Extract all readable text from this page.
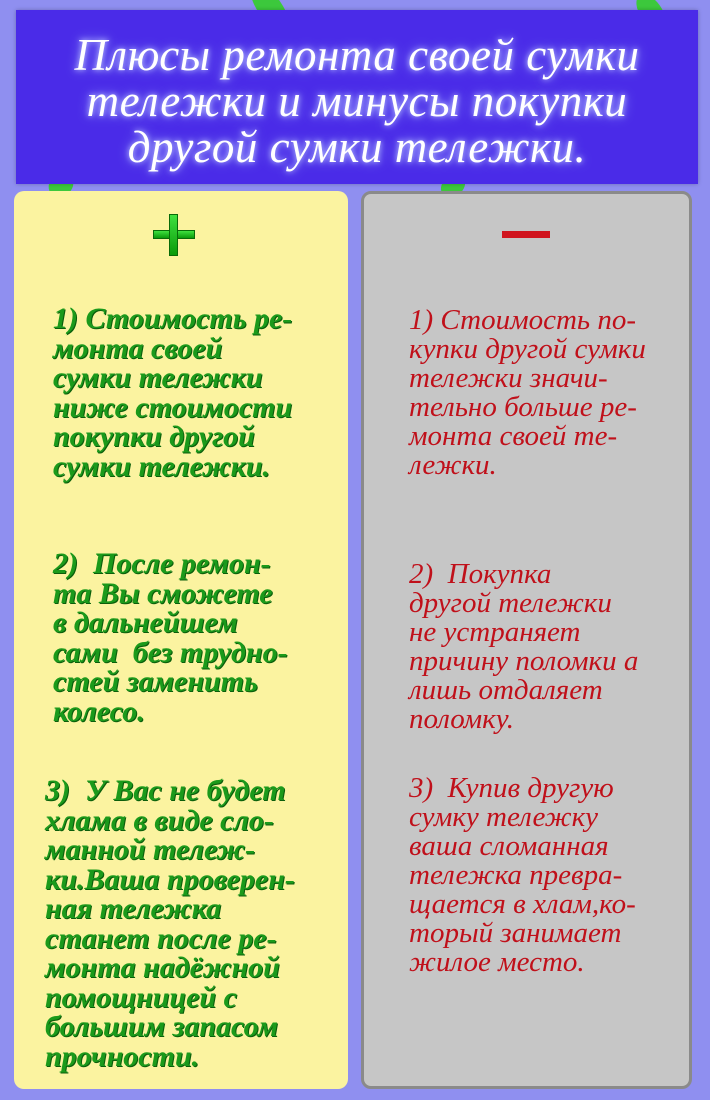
Плюсы ремонта своей сумки
тележки и минусы покупки
другой сумки тележки.

1) Стоимость ре-
монта своей
сумки тележки
ниже стоимости
покупки другой
сумки тележки.

2)  После ремон-
та Вы сможете
в дальнейшем
сами  без трудно-
стей заменить
колесо.

3)  У Вас не будет
хлама в виде сло-
манной тележ-
ки.Ваша проверен-
ная тележка
станет после ре-
монта надёжной
помощницей с
большим запасом
прочности.

1) Стоимость по-
купки другой сумки
тележки значи-
тельно больше ре-
монта своей те-
лежки.

2)  Покупка
другой тележки
не устраняет
причину поломки а
лишь отдаляет
поломку.

3)  Купив другую
сумку тележку
ваша сломанная
тележка превра-
щается в хлам,ко-
торый занимает
жилое место.
